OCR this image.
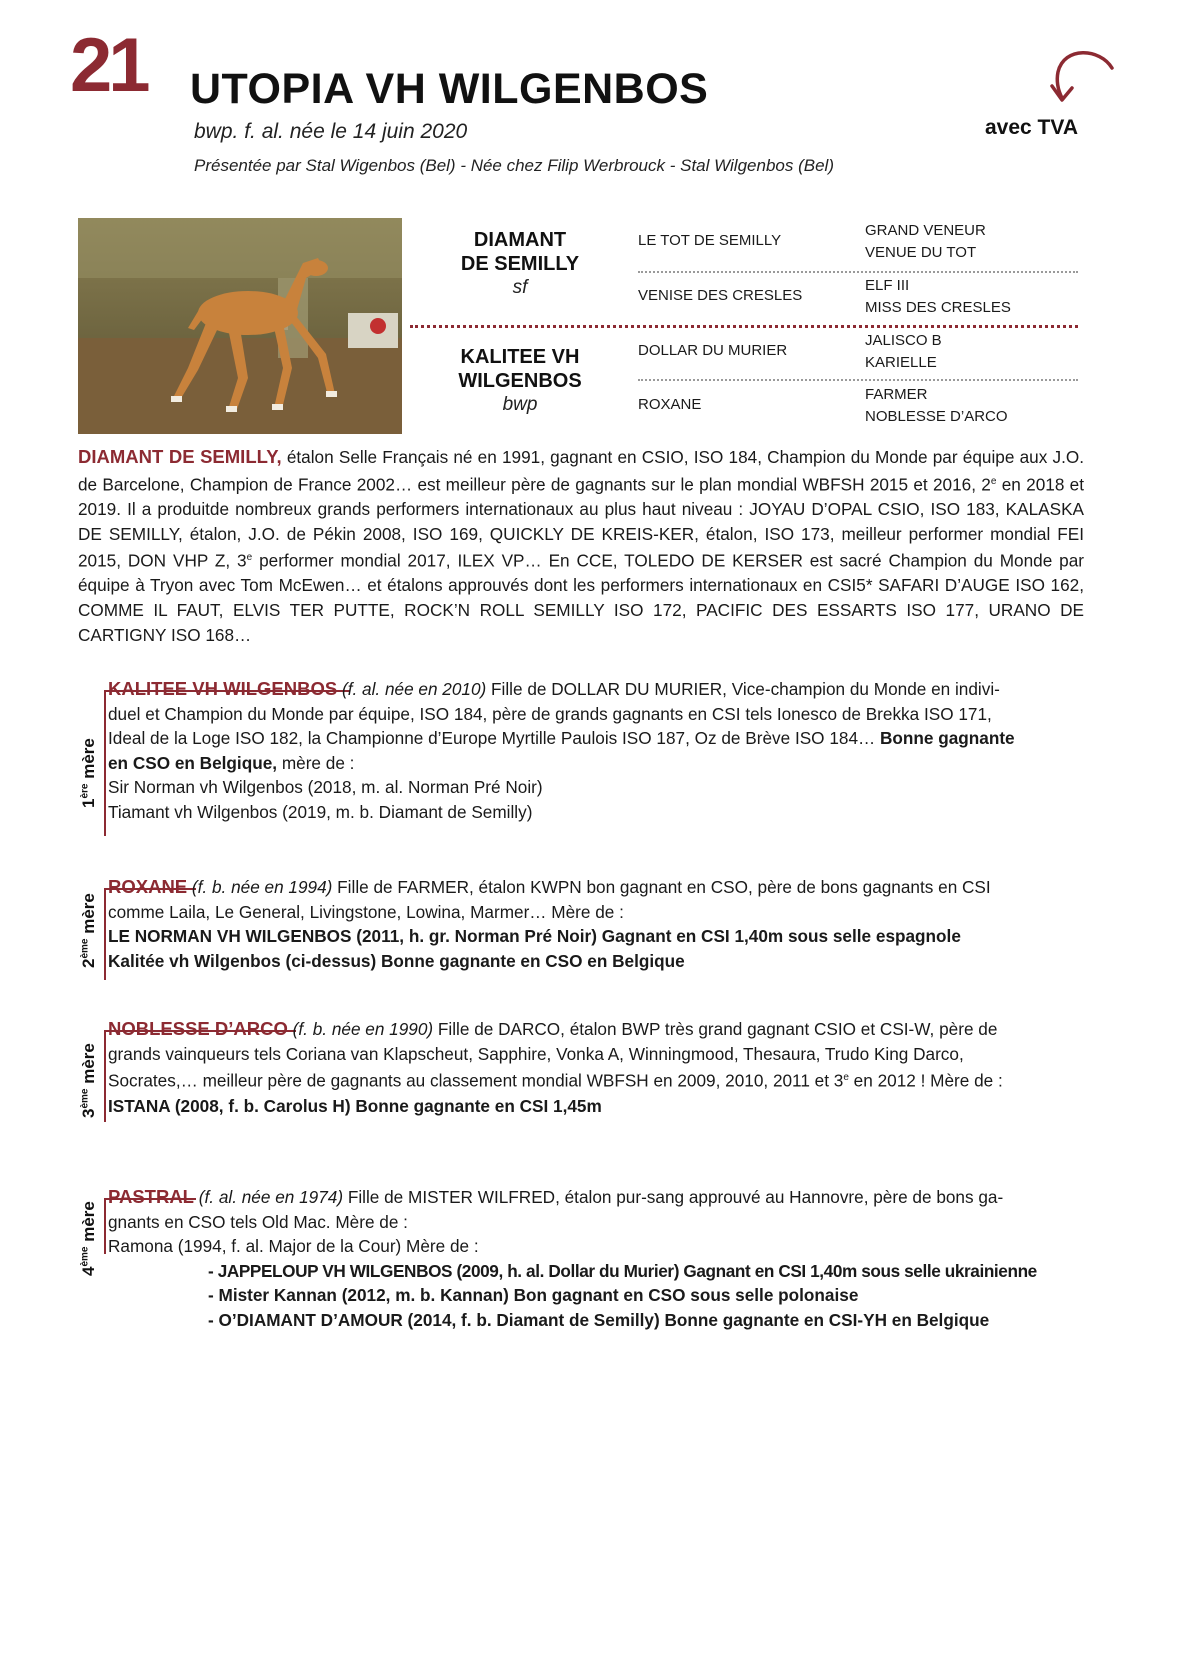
21 UTOPIA VH WILGENBOS
bwp. f. al. née le 14 juin 2020
Présentée par Stal Wigenbos (Bel) - Née chez Filip Werbrouck - Stal Wilgenbos (Bel)
avec TVA
DIAMANT
DE SEMILLY
sf
KALITEE VH
WILGENBOS
bwp
LE TOT DE SEMILLY
VENISE DES CRESLES
DOLLAR DU MURIER
ROXANE
GRAND VENEUR
VENUE DU TOT
ELF III
MISS DES CRESLES
JALISCO B
KARIELLE
FARMER
NOBLESSE D’ARCO
DIAMANT DE SEMILLY, étalon Selle Français né en 1991, gagnant en CSIO, ISO 184, Champion du Monde par équipe aux J.O. de Barcelone, Champion de France 2002… est meilleur père de gagnants sur le plan mondial WBFSH 2015 et 2016, 2e en 2018 et 2019. Il a produitde nombreux grands performers internationaux au plus haut niveau : JOYAU D’OPAL CSIO, ISO 183, KALASKA DE SEMILLY, étalon, J.O. de Pékin 2008, ISO 169, QUICKLY DE KREIS-KER, étalon, ISO 173, meilleur performer mondial FEI 2015, DON VHP Z, 3e performer mondial 2017, ILEX VP… En CCE, TOLEDO DE KERSER est sacré Champion du Monde par équipe à Tryon avec Tom McEwen… et étalons approuvés dont les performers internationaux en CSI5* SAFARI D’AUGE ISO 162, COMME IL FAUT, ELVIS TER PUTTE, ROCK’N ROLL SEMILLY ISO 172, PACIFIC DES ESSARTS ISO 177, URANO DE CARTIGNY ISO 168…
1ère mère
KALITEE VH WILGENBOS (f. al. née en 2010) Fille de DOLLAR DU MURIER, Vice-champion du Monde en indivi-
duel et Champion du Monde par équipe, ISO 184, père de grands gagnants en CSI tels Ionesco de Brekka ISO 171,
Ideal de la Loge ISO 182, la Championne d’Europe Myrtille Paulois ISO 187, Oz de Brève ISO 184… Bonne gagnante
en CSO en Belgique, mère de :
Sir Norman vh Wilgenbos (2018, m. al. Norman Pré Noir)
Tiamant vh Wilgenbos (2019, m. b. Diamant de Semilly)
2ème mère
ROXANE (f. b. née en 1994) Fille de FARMER, étalon KWPN bon gagnant en CSO, père de bons gagnants en CSI
comme Laila, Le General, Livingstone, Lowina, Marmer… Mère de :
LE NORMAN VH WILGENBOS (2011, h. gr. Norman Pré Noir) Gagnant en CSI 1,40m sous selle espagnole
Kalitée vh Wilgenbos (ci-dessus) Bonne gagnante en CSO en Belgique
3ème mère
NOBLESSE D’ARCO (f. b. née en 1990) Fille de DARCO, étalon BWP très grand gagnant CSIO et CSI-W, père de
grands vainqueurs tels Coriana van Klapscheut, Sapphire, Vonka A, Winningmood, Thesaura, Trudo King Darco,
Socrates,… meilleur père de gagnants au classement mondial WBFSH en 2009, 2010, 2011 et 3e en 2012 ! Mère de :
ISTANA (2008, f. b. Carolus H) Bonne gagnante en CSI 1,45m
4ème mère
PASTRAL (f. al. née en 1974) Fille de MISTER WILFRED, étalon pur-sang approuvé au Hannovre, père de bons ga-
gnants en CSO tels Old Mac. Mère de :
Ramona (1994, f. al. Major de la Cour) Mère de :
- JAPPELOUP VH WILGENBOS (2009, h. al. Dollar du Murier) Gagnant en CSI 1,40m sous selle ukrainienne
- Mister Kannan (2012, m. b. Kannan) Bon gagnant en CSO sous selle polonaise
- O’DIAMANT D’AMOUR (2014, f. b. Diamant de Semilly) Bonne gagnante en CSI-YH en Belgique
